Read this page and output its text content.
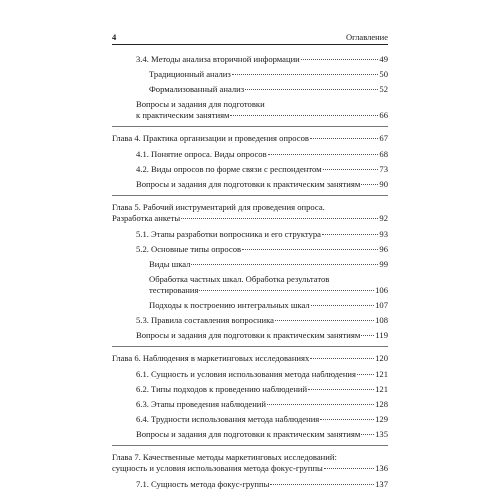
4	Оглавление
3.4. Методы анализа вторичной информации	49
Традиционный анализ	50
Формализованный анализ	52
Вопросы и задания для подготовки
к практическим занятиям	66
Глава 4. Практика организации и проведения опросов	67
4.1. Понятие опроса. Виды опросов	68
4.2. Виды опросов по форме связи с респондентом	73
Вопросы и задания для подготовки к практическим занятиям 90
Глава 5. Рабочий инструментарий для проведения опроса.
Разработка анкеты	92
5.1. Этапы разработки вопросника и его структура	93
5.2. Основные типы опросов	96
Виды шкал	99
Обработка частных шкал. Обработка результатов
тестирования	106
Подходы к построению интегральных шкал	107
5.3. Правила составления вопросника	108
Вопросы и задания для подготовки к практическим занятиям 119
Глава 6. Наблюдения в маркетинговых исследованиях	120
6.1. Сущность и условия использования метода наблюдения 121
6.2. Типы подходов к проведению наблюдений	121
6.3. Этапы проведения наблюдений	128
6.4. Трудности использования метода наблюдения	129
Вопросы и задания для подготовки к практическим занятиям 135
Глава 7. Качественные методы маркетинговых исследований:
сущность и условия использования метода фокус-группы	136
7.1. Сущность метода фокус-группы	137
